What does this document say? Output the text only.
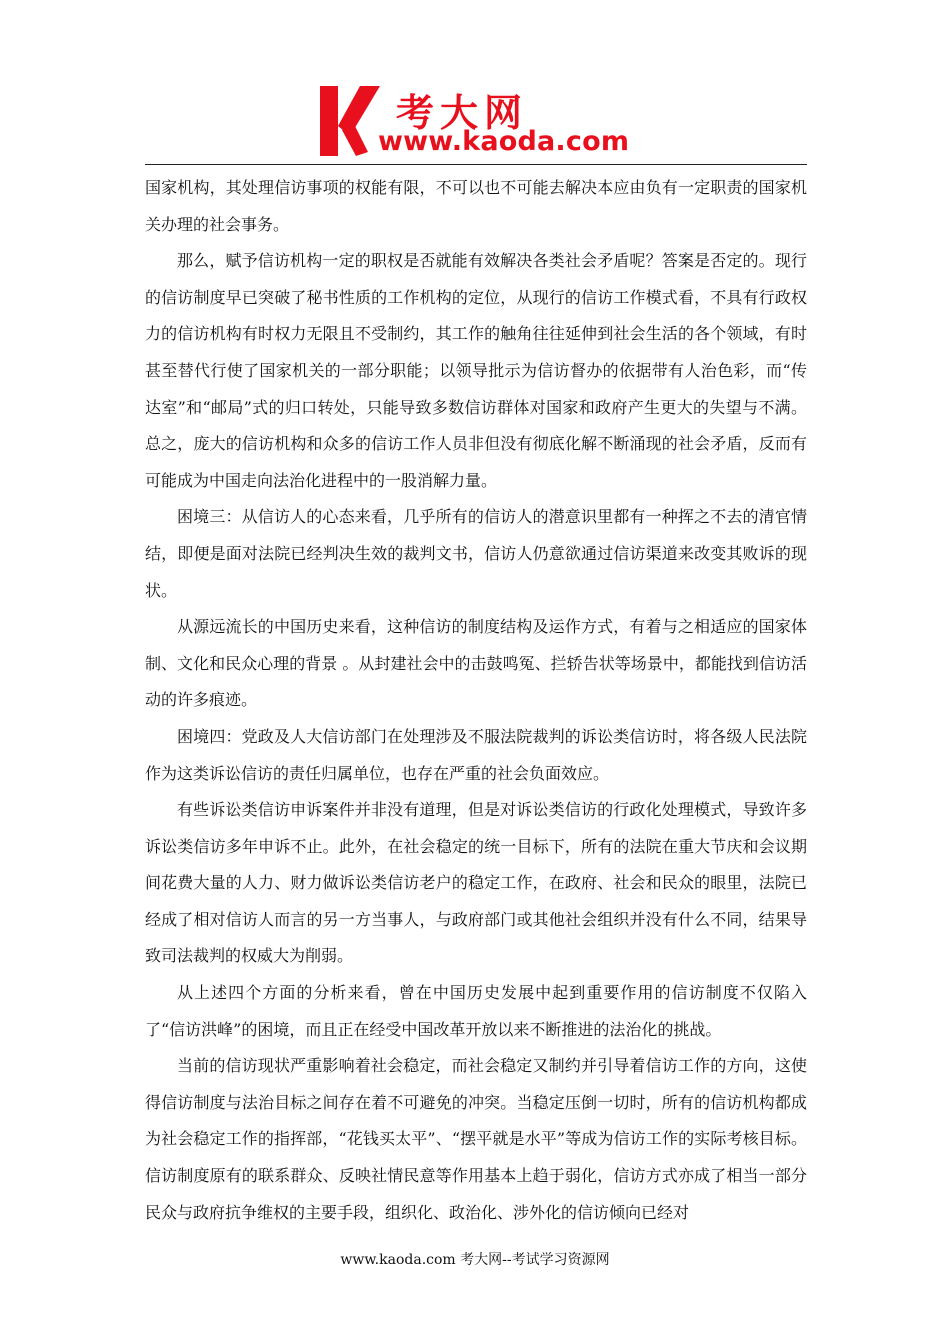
考大网
www.kaoda.com

国家机构，其处理信访事项的权能有限，不可以也不可能去解决本应由负有一定职责的国家机关办理的社会事务。

那么，赋予信访机构一定的职权是否就能有效解决各类社会矛盾呢？答案是否定的。现行的信访制度早已突破了秘书性质的工作机构的定位，从现行的信访工作模式看，不具有行政权力的信访机构有时权力无限且不受制约，其工作的触角往往延伸到社会生活的各个领域，有时甚至替代行使了国家机关的一部分职能；以领导批示为信访督办的依据带有人治色彩，而“传达室”和“邮局”式的归口转处，只能导致多数信访群体对国家和政府产生更大的失望与不满。总之，庞大的信访机构和众多的信访工作人员非但没有彻底化解不断涌现的社会矛盾，反而有可能成为中国走向法治化进程中的一股消解力量。

困境三：从信访人的心态来看，几乎所有的信访人的潜意识里都有一种挥之不去的清官情结，即便是面对法院已经判决生效的裁判文书，信访人仍意欲通过信访渠道来改变其败诉的现状。

从源远流长的中国历史来看，这种信访的制度结构及运作方式，有着与之相适应的国家体制、文化和民众心理的背景 。从封建社会中的击鼓鸣冤、拦轿告状等场景中，都能找到信访活动的许多痕迹。

困境四：党政及人大信访部门在处理涉及不服法院裁判的诉讼类信访时，将各级人民法院作为这类诉讼信访的责任归属单位，也存在严重的社会负面效应。

有些诉讼类信访申诉案件并非没有道理，但是对诉讼类信访的行政化处理模式，导致许多诉讼类信访多年申诉不止。此外，在社会稳定的统一目标下，所有的法院在重大节庆和会议期间花费大量的人力、财力做诉讼类信访老户的稳定工作，在政府、社会和民众的眼里，法院已经成了相对信访人而言的另一方当事人，与政府部门或其他社会组织并没有什么不同，结果导致司法裁判的权威大为削弱。

从上述四个方面的分析来看，曾在中国历史发展中起到重要作用的信访制度不仅陷入了“信访洪峰”的困境，而且正在经受中国改革开放以来不断推进的法治化的挑战。

当前的信访现状严重影响着社会稳定，而社会稳定又制约并引导着信访工作的方向，这使得信访制度与法治目标之间存在着不可避免的冲突。当稳定压倒一切时，所有的信访机构都成为社会稳定工作的指挥部，“花钱买太平”、“摆平就是水平”等成为信访工作的实际考核目标。信访制度原有的联系群众、反映社情民意等作用基本上趋于弱化，信访方式亦成了相当一部分民众与政府抗争维权的主要手段，组织化、政治化、涉外化的信访倾向已经对

www.kaoda.com 考大网--考试学习资源网
